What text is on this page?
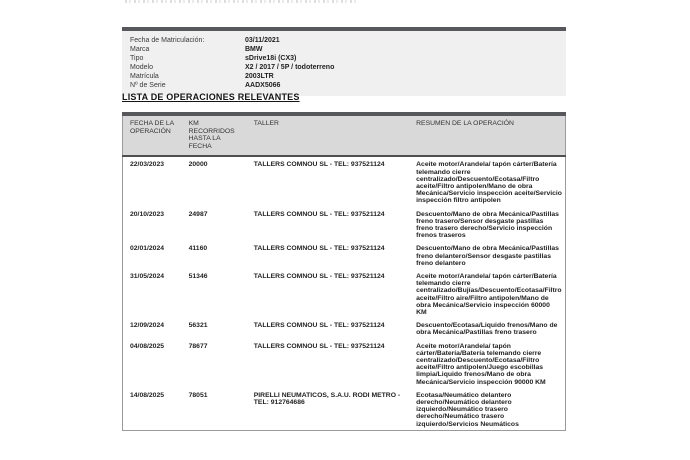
Fecha de Matriculación:	03/11/2021
Marca	BMW
Tipo	sDrive18i (CX3)
Modelo	X2 / 2017 / 5P / todoterreno
Matrícula	2003LTR
Nº de Serie	AADX5066
LISTA DE OPERACIONES RELEVANTES
FECHA DE LA OPERACIÓN	KM RECORRIDOS HASTA LA FECHA	TALLER	RESUMEN DE LA OPERACIÓN
22/03/2023	20000	TALLERS COMNOU SL - TEL: 937521124	Aceite motor/Arandela/ tapón cárter/Batería telemando cierre centralizado/Descuento/Ecotasa/Filtro aceite/Filtro antipolen/Mano de obra Mecánica/Servicio inspección aceite/Servicio inspección filtro antipolen
20/10/2023	24987	TALLERS COMNOU SL - TEL: 937521124	Descuento/Mano de obra Mecánica/Pastillas freno trasero/Sensor desgaste pastillas freno trasero derecho/Servicio inspección frenos traseros
02/01/2024	41160	TALLERS COMNOU SL - TEL: 937521124	Descuento/Mano de obra Mecánica/Pastillas freno delantero/Sensor desgaste pastillas freno delantero
31/05/2024	51346	TALLERS COMNOU SL - TEL: 937521124	Aceite motor/Arandela/ tapón cárter/Batería telemando cierre centralizado/Bujías/Descuento/Ecotasa/Filtro aceite/Filtro aire/Filtro antipolen/Mano de obra Mecánica/Servicio inspección 60000 KM
12/09/2024	56321	TALLERS COMNOU SL - TEL: 937521124	Descuento/Ecotasa/Liquido frenos/Mano de obra Mecánica/Pastillas freno trasero
04/08/2025	78677	TALLERS COMNOU SL - TEL: 937521124	Aceite motor/Arandela/ tapón cárter/Batería/Batería telemando cierre centralizado/Descuento/Ecotasa/Filtro aceite/Filtro antipolen/Juego escobillas limpia/Liquido frenos/Mano de obra Mecánica/Servicio inspección 90000 KM
14/08/2025	78051	PIRELLI NEUMATICOS, S.A.U. RODI METRO - TEL: 912764686	Ecotasa/Neumático delantero derecho/Neumático delantero izquierdo/Neumático trasero derecho/Neumático trasero izquierdo/Servicios Neumáticos
